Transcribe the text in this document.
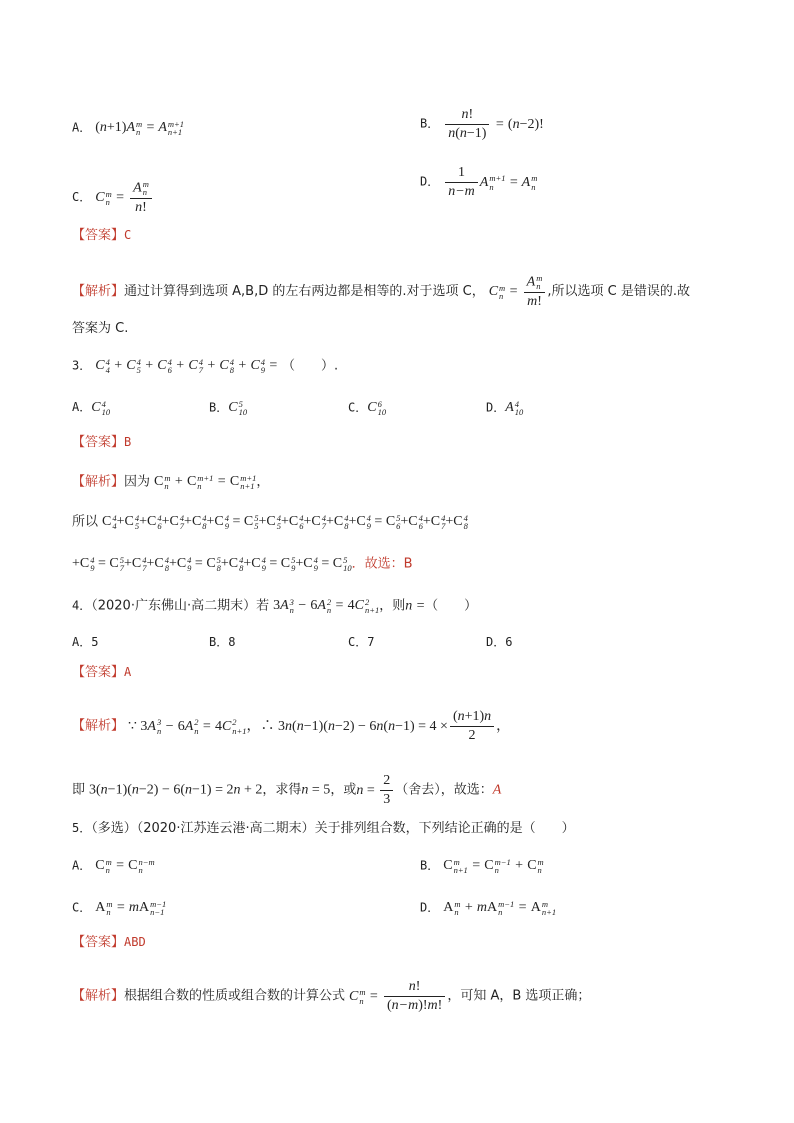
A． (n+1)A m
n = A m+1
n+1
B． $\frac{n!}{n(n-1)} = (n-2)$!
C． C m
n = A m
n
n!	D． $\frac{1}{n-m}$ A m+1
n = A m
n
【答案】C
【解析】通过计算得到选项 A,B,D 的左右两边都是相等的.对于选项 C， C m
n = A m
n
m! ,所以选项 C 是错误的.故
答案为 C.
3． C 4
4 + C 4
5 + C 4
6 + C 4
7 + C 4
8 + C 4
9 = （　　）.
A．C 4
10	B．C 5
10	C．C 6
10	D．A 4
10
【答案】B
【解析】因为 C m
n + C m+1
n = C m+1
n+1 ，
所以 C 4
4 +C 4
5 +C 4
6 +C 4
7 +C 4
8 +C 4
9 = C 5
5 +C 4
5 +C 4
6 +C 4
7 +C 4
8 +C 4
9 = C 5
6 +C 4
6 +C 4
7 +C 4
8
+C 4
9 = C 5
7 +C 4
7 +C 4
8 +C 4
9 = C 5
8 +C 4
8 +C 4
9 = C 5
9 +C 4
9 = C 5
10 ．故选：B
4．（2020·广东佛山·高二期末）若 3A 3
n − 6A 2
n = 4C 2
n+1 ，则n =（　　）
A．5	B．8	C．7	D．6
【答案】A
【解析】 ∵ 3A 3
n − 6A 2
n = 4C 2
n+1 ，∴ $3n(n-1)(n-2) - 6n(n-1) = 4 \times \frac{(n+1)n}{2}$ ，
即 3(n−1)(n−2) − 6(n−1) = 2n + 2，求得n = 5，或$n = \frac{2}{3}$ （舍去），故选：A
5．（多选）（2020·江苏连云港·高二期末）关于排列组合数，下列结论正确的是（　　）
A． C m
n = C n−m
n	B． C m
n+1 = C m−1
n + C m
n
C． A m
n = mA m−1
n−1	D． A m
n + mA m−1
n = A m
n+1
【答案】ABD
【解析】根据组合数的性质或组合数的计算公式 C m
$n = \frac{n!}{(n-m)!m!}$ ，可知 A，B 选项正确；
